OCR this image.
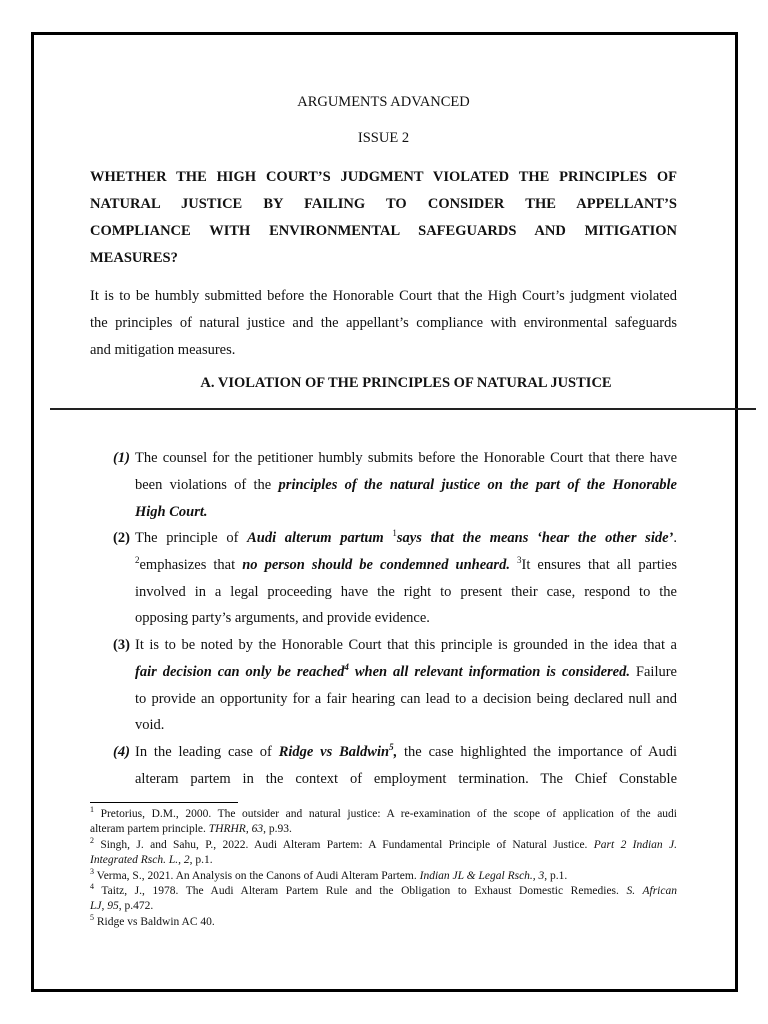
ARGUMENTS ADVANCED
ISSUE 2
WHETHER THE HIGH COURT’S JUDGMENT VIOLATED THE PRINCIPLES OF
NATURAL JUSTICE BY FAILING TO CONSIDER THE APPELLANT’S
COMPLIANCE WITH ENVIRONMENTAL SAFEGUARDS AND MITIGATION
MEASURES?
It is to be humbly submitted before the Honorable Court that the High Court’s judgment violated
the principles of natural justice and the appellant’s compliance with environmental safeguards
and mitigation measures.
A. VIOLATION OF THE PRINCIPLES OF NATURAL JUSTICE
(1) The counsel for the petitioner humbly submits before the Honorable Court that there have
been violations of the principles of the natural justice on the part of the Honorable
High Court.
(2) The principle of Audi alterum partum $^1$says that the means ‘hear the other side’.
$^2$emphasizes that no person should be condemned unheard. $^3$It ensures that all parties
involved in a legal proceeding have the right to present their case, respond to the
opposing party’s arguments, and provide evidence.
(3) It is to be noted by the Honorable Court that this principle is grounded in the idea that a
fair decision can only be reached$^4$ when all relevant information is considered. Failure
to provide an opportunity for a fair hearing can lead to a decision being declared null and
void.
(4) In the leading case of Ridge vs Baldwin$^5$, the case highlighted the importance of Audi
alteram partem in the context of employment termination. The Chief Constable
$^1$ Pretorius, D.M., 2000. The outsider and natural justice: A re-examination of the scope of application of the audi
alteram partem principle. THRHR, 63, p.93.
$^2$ Singh, J. and Sahu, P., 2022. Audi Alteram Partem: A Fundamental Principle of Natural Justice. Part 2 Indian J.
Integrated Rsch. L., 2, p.1.
$^3$ Verma, S., 2021. An Analysis on the Canons of Audi Alteram Partem. Indian JL & Legal Rsch., 3, p.1.
$^4$ Taitz, J., 1978. The Audi Alteram Partem Rule and the Obligation to Exhaust Domestic Remedies. S. African
LJ, 95, p.472.
$^5$ Ridge vs Baldwin AC 40.
